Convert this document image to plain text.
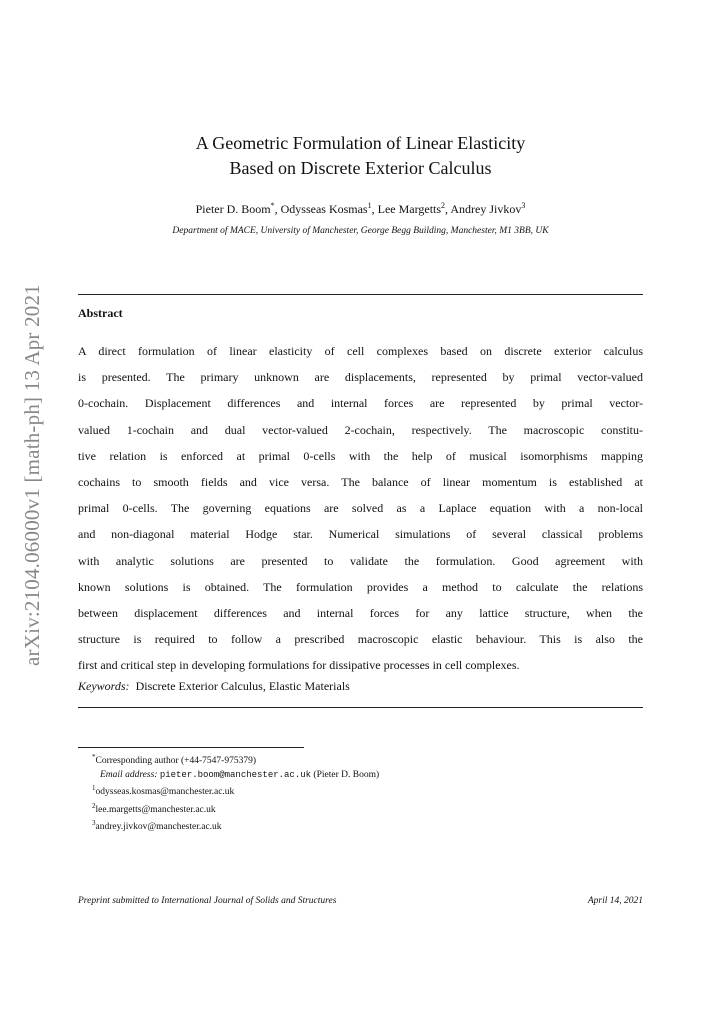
arXiv:2104.06000v1 [math-ph] 13 Apr 2021
A Geometric Formulation of Linear Elasticity
Based on Discrete Exterior Calculus
Pieter D. Boom*, Odysseas Kosmas$^1$, Lee Margetts$^2$, Andrey Jivkov$^3$
Department of MACE, University of Manchester, George Begg Building, Manchester, M1 3BB, UK
Abstract
A direct formulation of linear elasticity of cell complexes based on discrete exterior calculus
is presented. The primary unknown are displacements, represented by primal vector-valued
0-cochain. Displacement differences and internal forces are represented by primal vector-
valued 1-cochain and dual vector-valued 2-cochain, respectively. The macroscopic constitu-
tive relation is enforced at primal 0-cells with the help of musical isomorphisms mapping
cochains to smooth fields and vice versa. The balance of linear momentum is established at
primal 0-cells. The governing equations are solved as a Laplace equation with a non-local
and non-diagonal material Hodge star. Numerical simulations of several classical problems
with analytic solutions are presented to validate the formulation. Good agreement with
known solutions is obtained. The formulation provides a method to calculate the relations
between displacement differences and internal forces for any lattice structure, when the
structure is required to follow a prescribed macroscopic elastic behaviour. This is also the
first and critical step in developing formulations for dissipative processes in cell complexes.
Keywords: Discrete Exterior Calculus, Elastic Materials
*Corresponding author (+44-7547-975379)
Email address: pieter.boom@manchester.ac.uk (Pieter D. Boom)
$^1$odysseas.kosmas@manchester.ac.uk
$^2$lee.margetts@manchester.ac.uk
$^3$andrey.jivkov@manchester.ac.uk
Preprint submitted to International Journal of Solids and Structures	April 14, 2021
